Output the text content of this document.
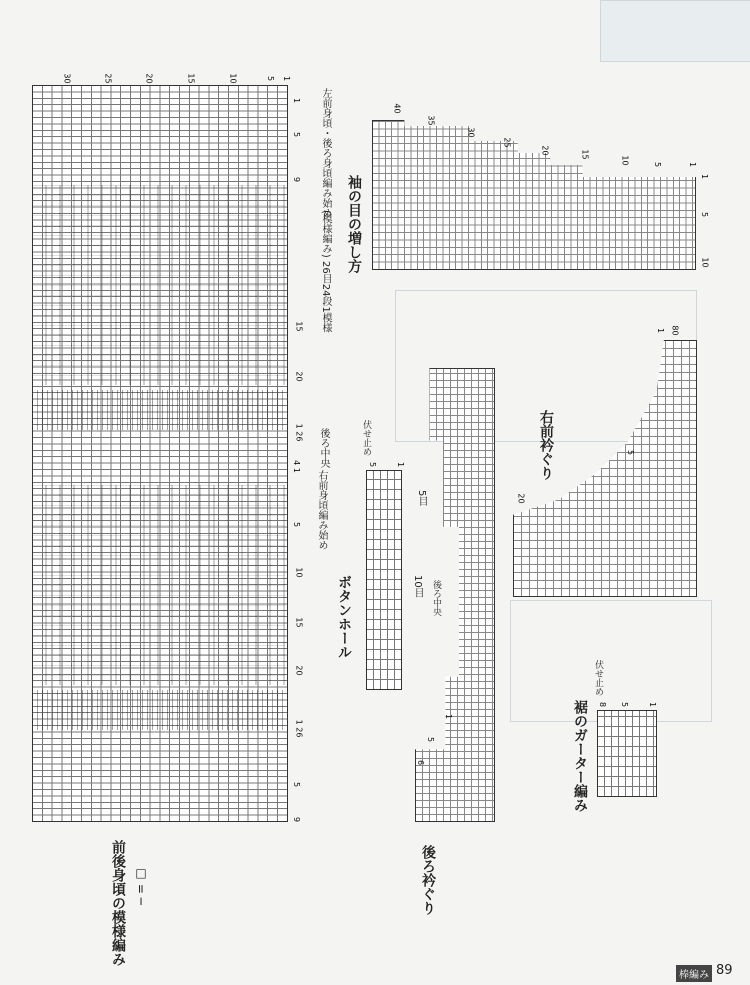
30	25	20	15	10	5 1
1
5
9
15
20
1 26
4 1
5
10
15
20
1 26
5
9
左前身頃・後ろ身頃編み始め
(模様編み) 26目24段1模様
後ろ中央
右前身頃編み始め
前後身頃の模様編み □ = ─
袖の目の増し方
40
35
30
25
20	15
10	5	1
1
5
10
ボタンホール
伏せ止め
5目
10目
5 1
後ろ衿ぐり
後ろ中央
6
5
1
右前衿ぐり
1 80
5
20
裾のガーター編み
伏せ止め
8 5 1
棒編み 89
